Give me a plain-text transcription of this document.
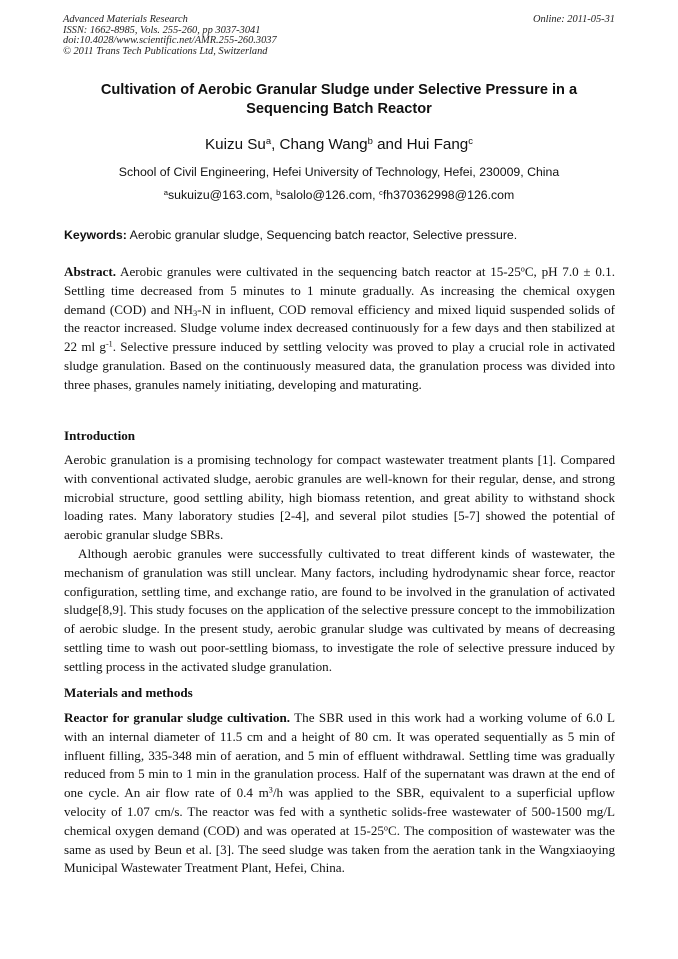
Advanced Materials Research
ISSN: 1662-8985, Vols. 255-260, pp 3037-3041
doi:10.4028/www.scientific.net/AMR.255-260.3037
© 2011 Trans Tech Publications Ltd, Switzerland
Online: 2011-05-31
Cultivation of Aerobic Granular Sludge under Selective Pressure in a Sequencing Batch Reactor
Kuizu Su$^a$, Chang Wang$^b$ and Hui Fang$^c$
School of Civil Engineering, Hefei University of Technology, Hefei, 230009, China
$^a$sukuizu@163.com, $^b$salolo@126.com, $^c$fh370362998@126.com
Keywords: Aerobic granular sludge, Sequencing batch reactor, Selective pressure.

Abstract. Aerobic granules were cultivated in the sequencing batch reactor at 15-25$^o$C, pH 7.0 ± 0.1. Settling time decreased from 5 minutes to 1 minute gradually. As increasing the chemical oxygen demand (COD) and $NH_3-N$ in influent, COD removal efficiency and mixed liquid suspended solids of the reactor increased. Sludge volume index decreased continuously for a few days and then stabilized at 22 ml $g^{-1}$. Selective pressure induced by settling velocity was proved to play a crucial role in activated sludge granulation. Based on the continuously measured data, the granulation process was divided into three phases, granules namely initiating, developing and maturating.

Introduction

Aerobic granulation is a promising technology for compact wastewater treatment plants [1]. Compared with conventional activated sludge, aerobic granules are well-known for their regular, dense, and strong microbial structure, good settling ability, high biomass retention, and great ability to withstand shock loading rates. Many laboratory studies [2-4], and several pilot studies [5-7] showed the potential of aerobic granular sludge SBRs.

Although aerobic granules were successfully cultivated to treat different kinds of wastewater, the mechanism of granulation was still unclear. Many factors, including hydrodynamic shear force, reactor configuration, settling time, and exchange ratio, are found to be involved in the granulation of activated sludge[8,9]. This study focuses on the application of the selective pressure concept to the immobilization of aerobic sludge. In the present study, aerobic granular sludge was cultivated by means of decreasing settling time to wash out poor-settling biomass, to investigate the role of selective pressure induced by settling process in the activated sludge granulation.

Materials and methods

Reactor for granular sludge cultivation. The SBR used in this work had a working volume of 6.0 L with an internal diameter of 11.5 cm and a height of 80 cm. It was operated sequentially as 5 min of influent filling, 335-348 min of aeration, and 5 min of effluent withdrawal. Settling time was gradually reduced from 5 min to 1 min in the granulation process. Half of the supernatant was drawn at the end of one cycle. An air flow rate of 0.4 $m^3/h$ was applied to the SBR, equivalent to a superficial upflow velocity of 1.07 cm/s. The reactor was fed with a synthetic solids-free wastewater of 500-1500 mg/L chemical oxygen demand (COD) and was operated at 15-25$^o$C. The composition of wastewater was the same as used by Beun et al. [3]. The seed sludge was taken from the aeration tank in the Wangxiaoying Municipal Wastewater Treatment Plant, Hefei, China.
